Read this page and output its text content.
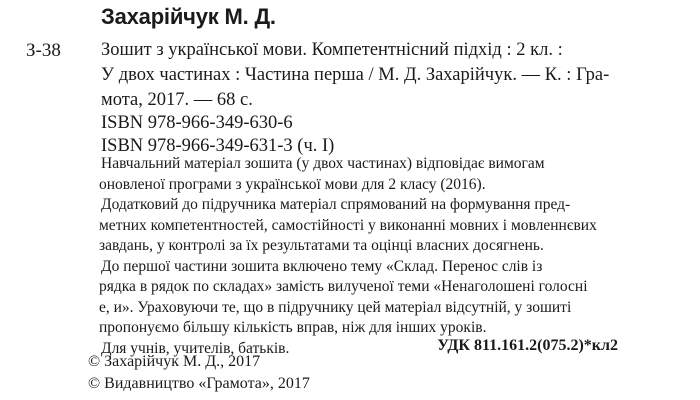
Захарійчук М. Д.
З-38 Зошит з української мови. Компетентнісний підхід : 2 кл. :
У двох частинах : Частина перша / М. Д. Захарійчук. — К. : Гра-
мота, 2017. — 68 с.
ISBN 978-966-349-630-6
ISBN 978-966-349-631-3 (ч. І)
Навчальний матеріал зошита (у двох частинах) відповідає вимогам
оновленої програми з української мови для 2 класу (2016).
Додатковий до підручника матеріал спрямований на формування пред-
метних компетентностей, самостійності у виконанні мовних і мовленнєвих
завдань, у контролі за їх результатами та оцінці власних досягнень.
До першої частини зошита включено тему «Склад. Перенос слів із
рядка в рядок по складах» замість вилученої теми «Ненаголошені голосні
е, и». Ураховуючи те, що в підручнику цей матеріал відсутній, у зошиті
пропонуємо більшу кількість вправ, ніж для інших уроків.
Для учнів, учителів, батьків.	УДК 811.161.2(075.2)*кл2
© Захарійчук М. Д., 2017
© Видавництво «Грамота», 2017
